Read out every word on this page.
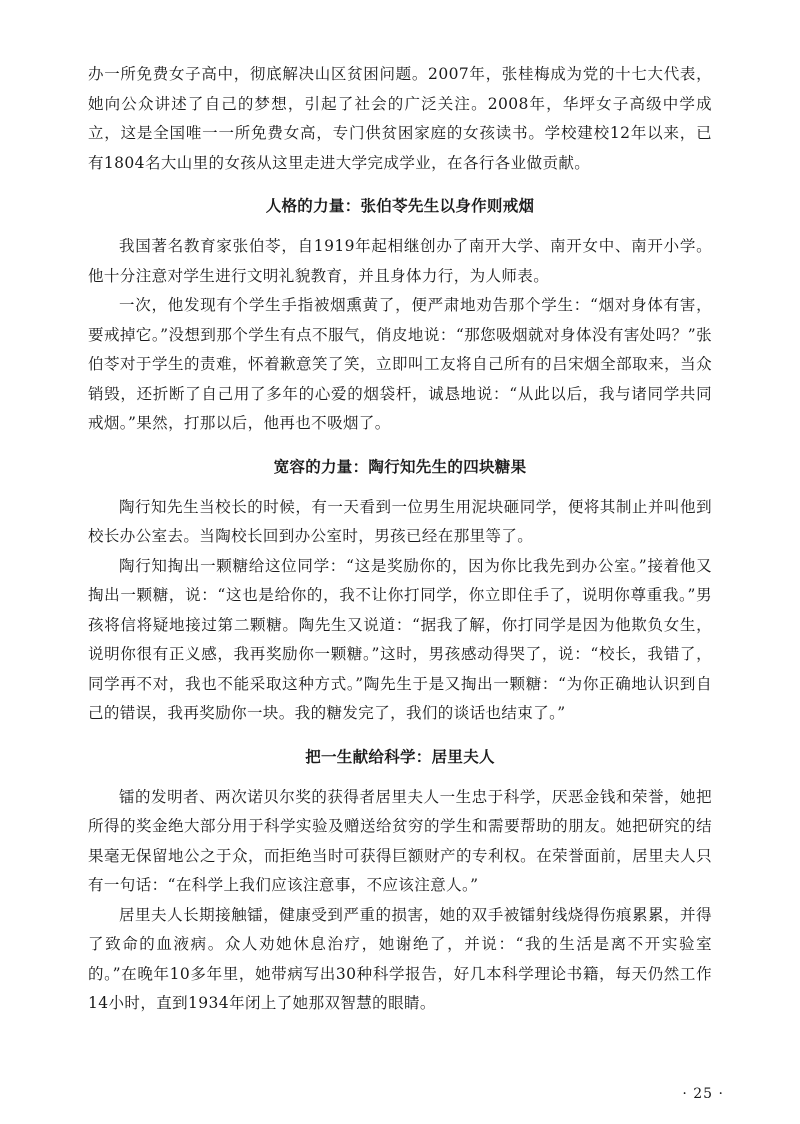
办一所免费女子高中，彻底解决山区贫困问题。2007年，张桂梅成为党的十七大代表，她向公众讲述了自己的梦想，引起了社会的广泛关注。2008年，华坪女子高级中学成立，这是全国唯一一所免费女高，专门供贫困家庭的女孩读书。学校建校12年以来，已有1804名大山里的女孩从这里走进大学完成学业，在各行各业做贡献。

人格的力量：张伯苓先生以身作则戒烟

我国著名教育家张伯苓，自1919年起相继创办了南开大学、南开女中、南开小学。他十分注意对学生进行文明礼貌教育，并且身体力行，为人师表。

一次，他发现有个学生手指被烟熏黄了，便严肃地劝告那个学生：“烟对身体有害，要戒掉它。”没想到那个学生有点不服气，俏皮地说：“那您吸烟就对身体没有害处吗？”张伯苓对于学生的责难，怀着歉意笑了笑，立即叫工友将自己所有的吕宋烟全部取来，当众销毁，还折断了自己用了多年的心爱的烟袋杆，诚恳地说：“从此以后，我与诸同学共同戒烟。”果然，打那以后，他再也不吸烟了。

宽容的力量：陶行知先生的四块糖果

陶行知先生当校长的时候，有一天看到一位男生用泥块砸同学，便将其制止并叫他到校长办公室去。当陶校长回到办公室时，男孩已经在那里等了。

陶行知掏出一颗糖给这位同学：“这是奖励你的，因为你比我先到办公室。”接着他又掏出一颗糖，说：“这也是给你的，我不让你打同学，你立即住手了，说明你尊重我。”男孩将信将疑地接过第二颗糖。陶先生又说道：“据我了解，你打同学是因为他欺负女生，说明你很有正义感，我再奖励你一颗糖。”这时，男孩感动得哭了，说：“校长，我错了，同学再不对，我也不能采取这种方式。”陶先生于是又掏出一颗糖：“为你正确地认识到自己的错误，我再奖励你一块。我的糖发完了，我们的谈话也结束了。”

把一生献给科学：居里夫人

镭的发明者、两次诺贝尔奖的获得者居里夫人一生忠于科学，厌恶金钱和荣誉，她把所得的奖金绝大部分用于科学实验及赠送给贫穷的学生和需要帮助的朋友。她把研究的结果毫无保留地公之于众，而拒绝当时可获得巨额财产的专利权。在荣誉面前，居里夫人只有一句话：“在科学上我们应该注意事，不应该注意人。”

居里夫人长期接触镭，健康受到严重的损害，她的双手被镭射线烧得伤痕累累，并得了致命的血液病。众人劝她休息治疗，她谢绝了，并说：“我的生活是离不开实验室的。”在晚年10多年里，她带病写出30种科学报告，好几本科学理论书籍，每天仍然工作14小时，直到1934年闭上了她那双智慧的眼睛。

· 25 ·
